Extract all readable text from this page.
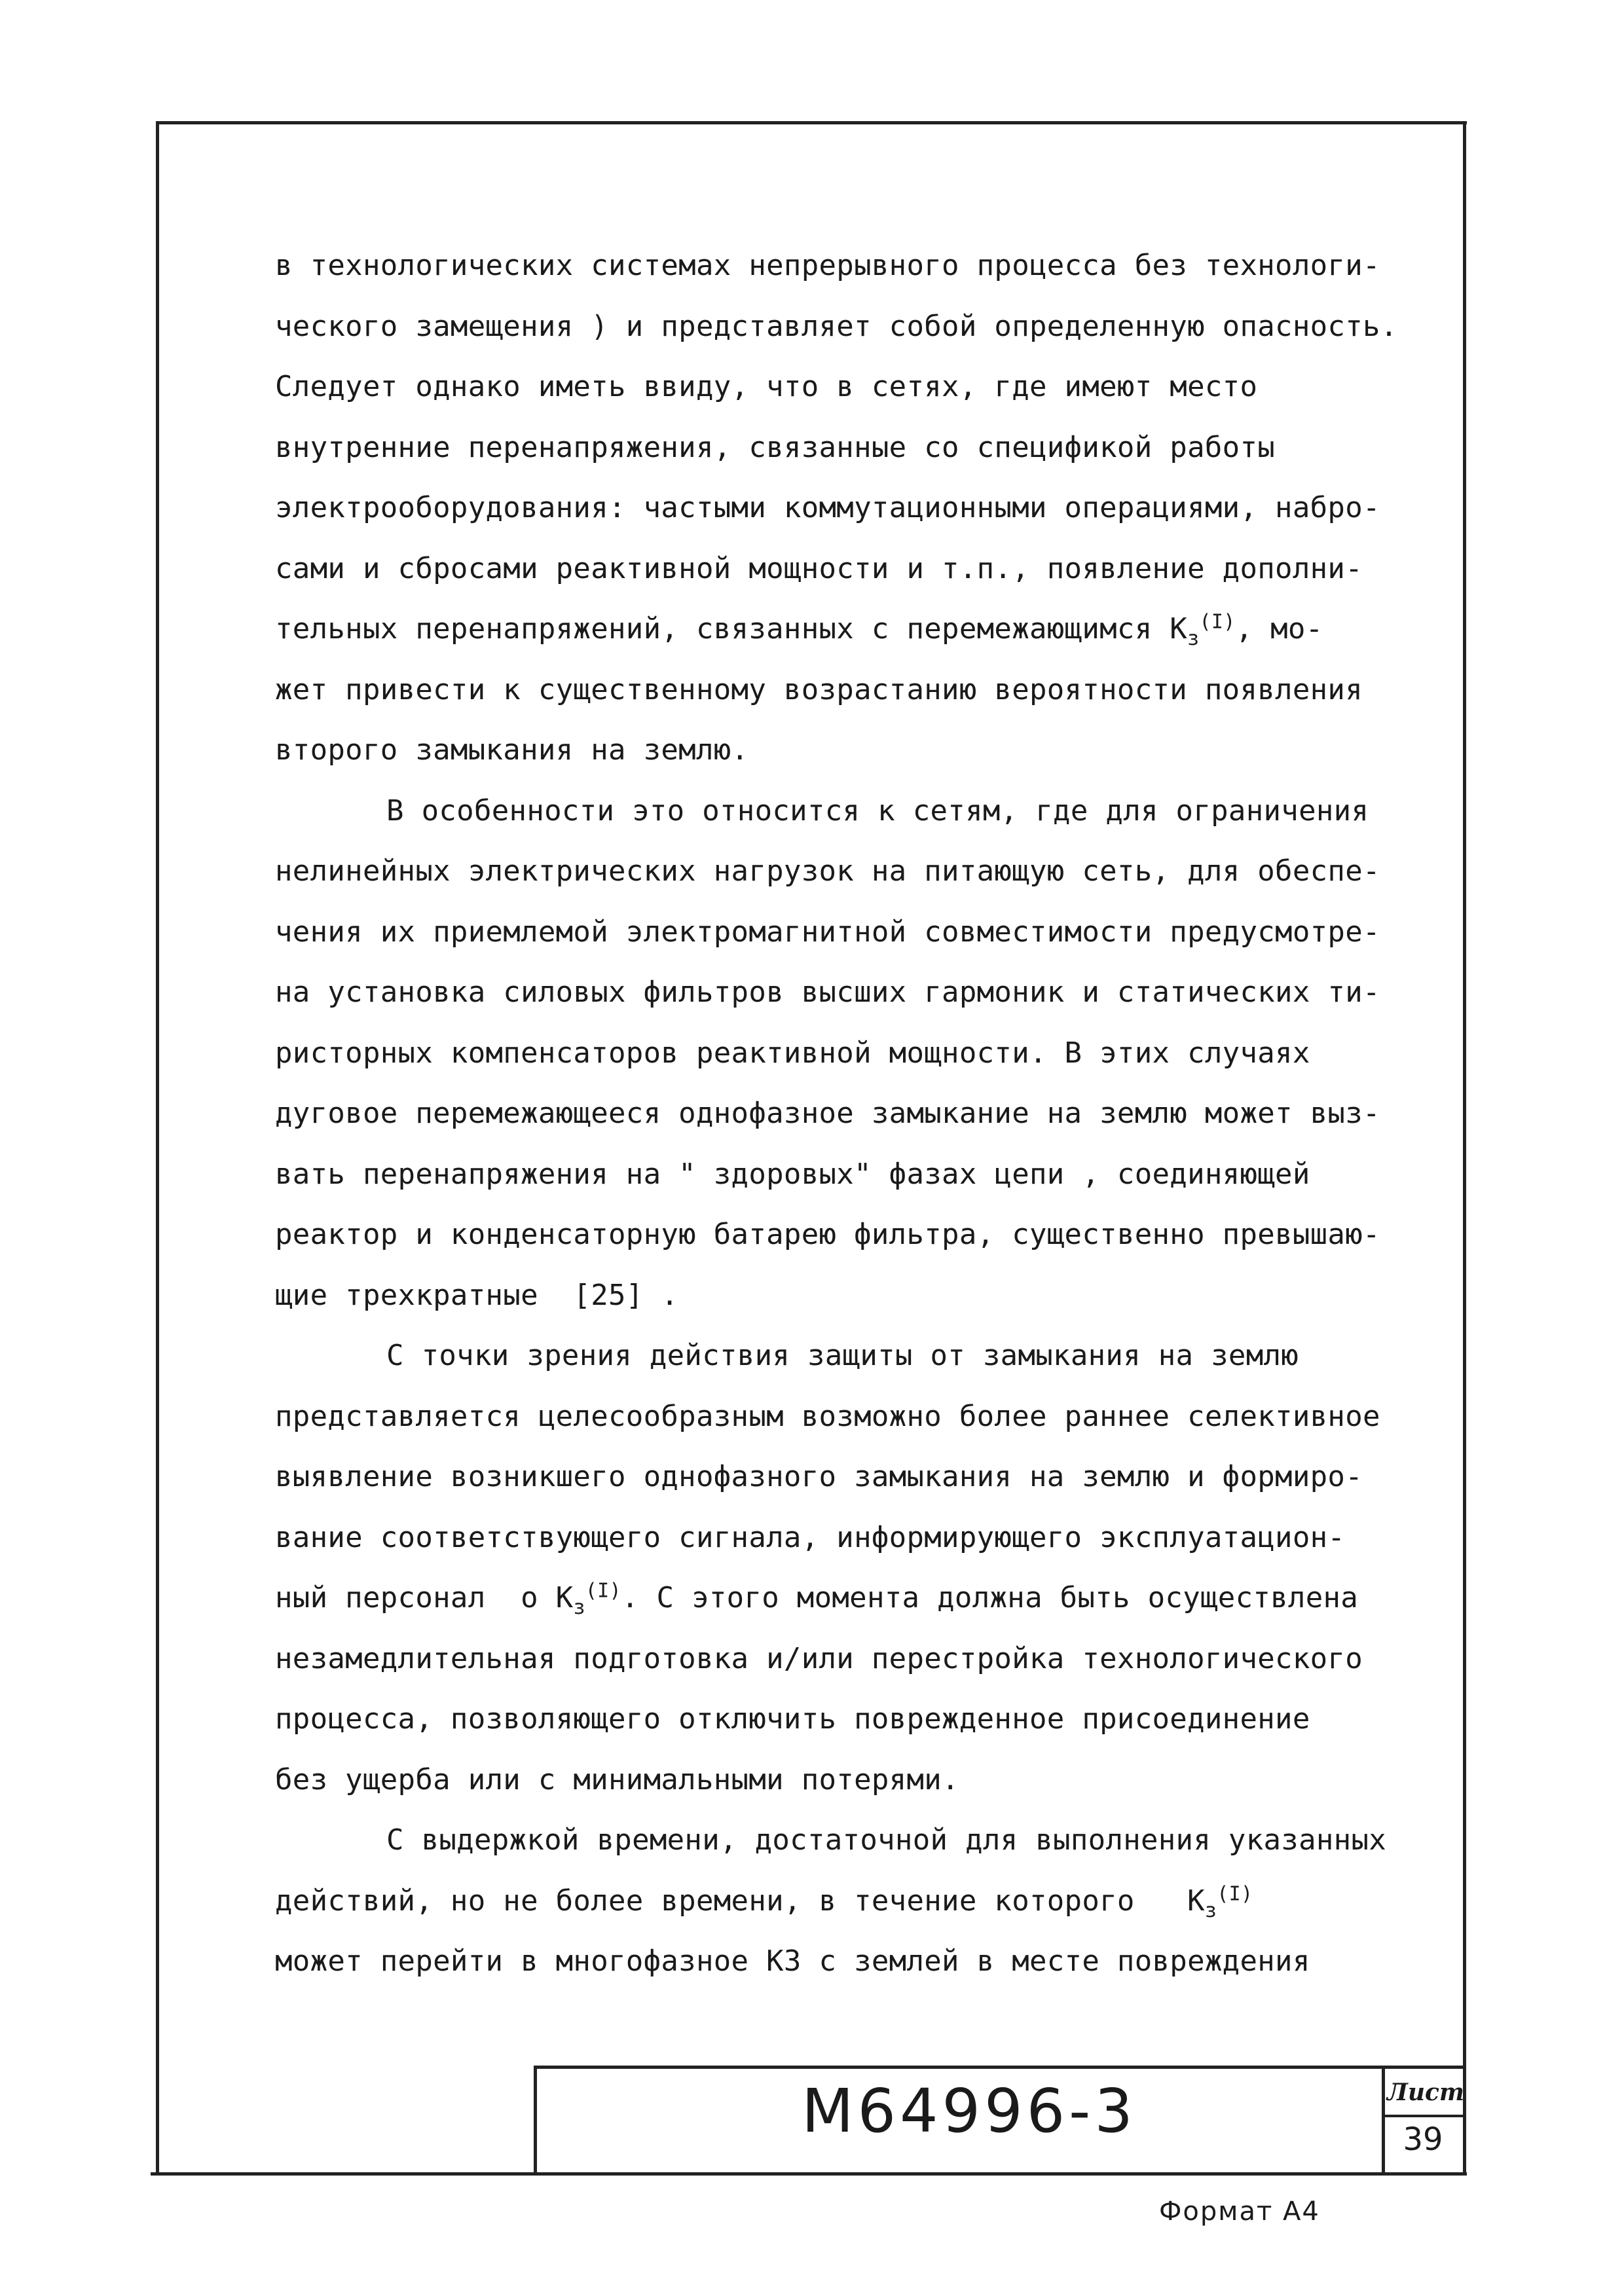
в технологических системах непрерывного процесса без технологи-
ческого замещения ) и представляет собой определенную опасность.
Следует однако иметь ввиду, что в сетях, где имеют место
внутренние перенапряжения, связанные со спецификой работы
электрооборудования: частыми коммутационными операциями, набро-
сами и сбросами реактивной мощности и т.п., появление дополни-
тельных перенапряжений, связанных с перемежающимся $К_з^{(I)}$, мо-
жет привести к существенному возрастанию вероятности появления
второго замыкания на землю.
В особенности это относится к сетям, где для ограничения
нелинейных электрических нагрузок на питающую сеть, для обеспе-
чения их приемлемой электромагнитной совместимости предусмотре-
на установка силовых фильтров высших гармоник и статических ти-
ристорных компенсаторов реактивной мощности. В этих случаях
дуговое перемежающееся однофазное замыкание на землю может выз-
вать перенапряжения на " здоровых" фазах цепи , соединяющей
реактор и конденсаторную батарею фильтра, существенно превышаю-
щие трехкратные  [25] .
С точки зрения действия защиты от замыкания на землю
представляется целесообразным возможно более раннее селективное
выявление возникшего однофазного замыкания на землю и формиро-
вание соответствующего сигнала, информирующего эксплуатацион-
ный персонал  о $К_з^{(I)}$. С этого момента должна быть осуществлена
незамедлительная подготовка и/или перестройка технологического
процесса, позволяющего отключить поврежденное присоединение
без ущерба или с минимальными потерями.
С выдержкой времени, достаточной для выполнения указанных
действий, но не более времени, в течение которого   $К_з^{(I)}$
может перейти в многофазное КЗ с землей в месте повреждения
М64996-3	Лист
39
Формат А4
